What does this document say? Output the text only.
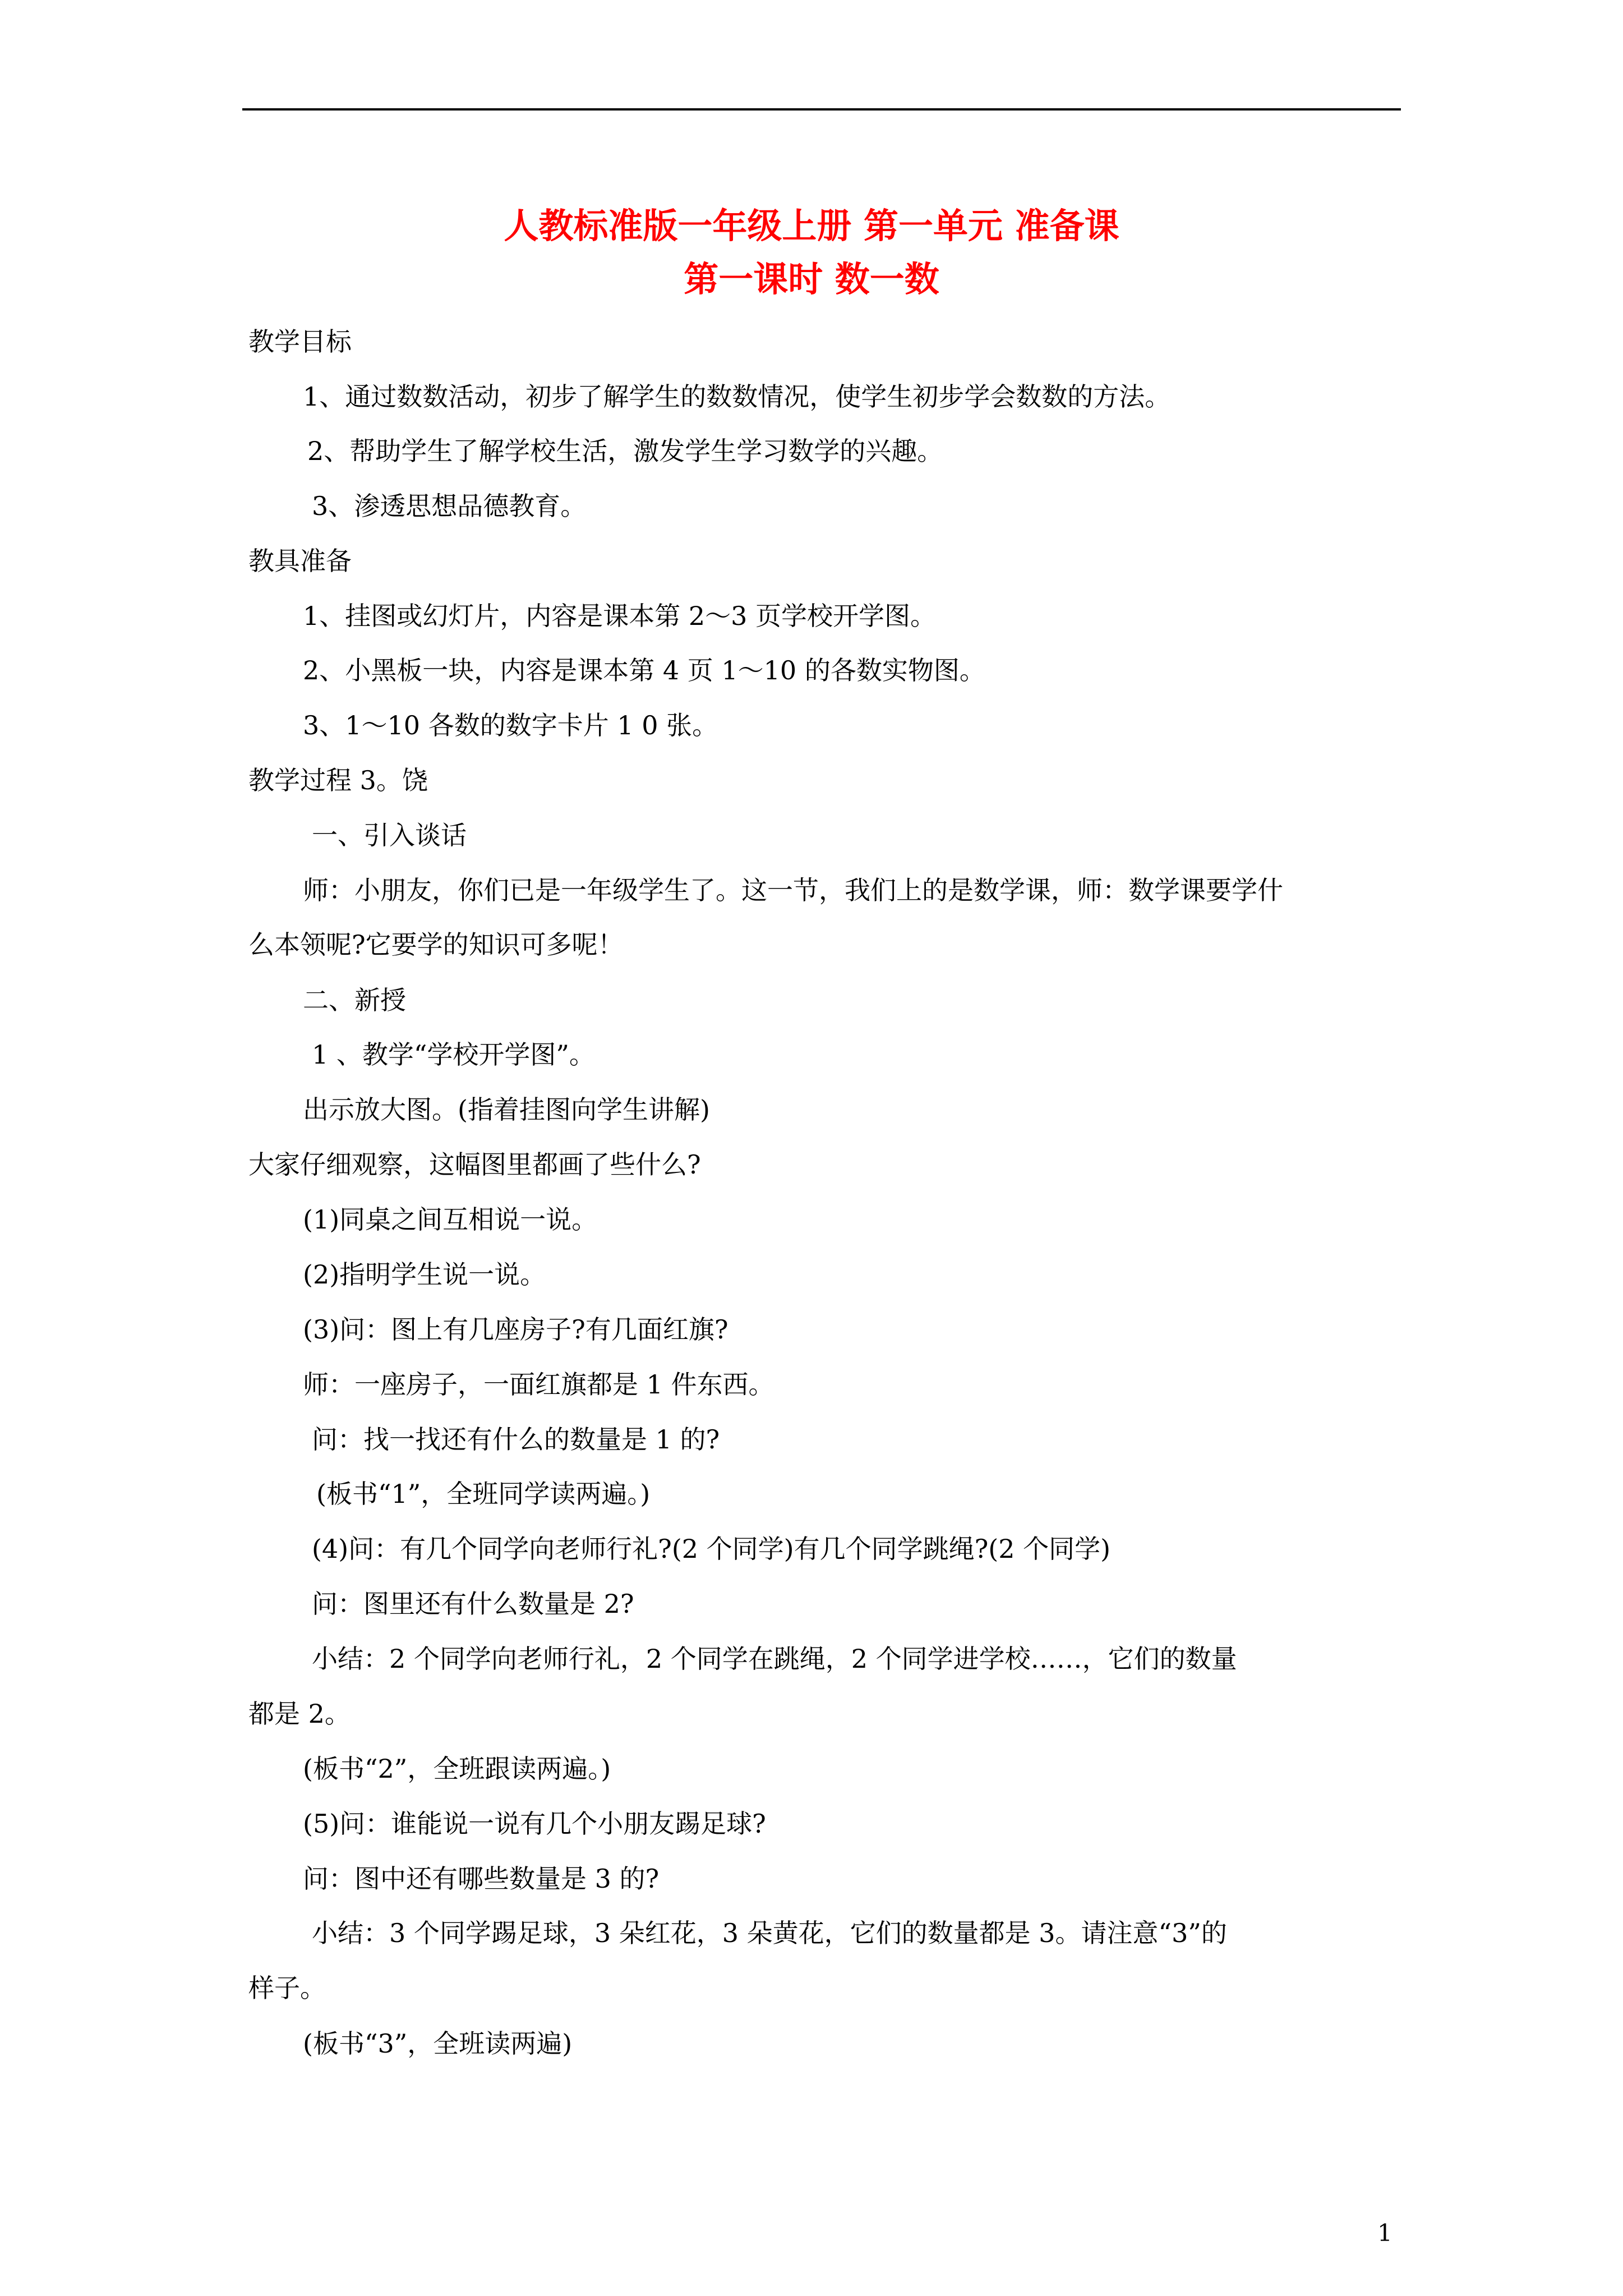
人教标准版一年级上册 第一单元 准备课
第一课时 数一数
教学目标
1、通过数数活动，初步了解学生的数数情况，使学生初步学会数数的方法。
2、帮助学生了解学校生活，激发学生学习数学的兴趣。
3、渗透思想品德教育。
教具准备
1、挂图或幻灯片，内容是课本第 2～3 页学校开学图。
2、小黑板一块，内容是课本第 4 页 1～10 的各数实物图。
3、1～10 各数的数字卡片 1 0 张。
教学过程 3。饶
一、引入谈话
师：小朋友，你们已是一年级学生了。这一节，我们上的是数学课，师：数学课要学什
么本领呢?它要学的知识可多呢！
二、新授
1 、教学“学校开学图”。
出示放大图。(指着挂图向学生讲解)
大家仔细观察，这幅图里都画了些什么?
(1)同桌之间互相说一说。
(2)指明学生说一说。
(3)问：图上有几座房子?有几面红旗?
师：一座房子，一面红旗都是 1 件东西。
问：找一找还有什么的数量是 1 的?
(板书“1”，全班同学读两遍。)
(4)问：有几个同学向老师行礼?(2 个同学)有几个同学跳绳?(2 个同学)
问：图里还有什么数量是 2?
小结：2 个同学向老师行礼，2 个同学在跳绳，2 个同学进学校……，它们的数量
都是 2。
(板书“2”，全班跟读两遍。)
(5)问：谁能说一说有几个小朋友踢足球?
问：图中还有哪些数量是 3 的?
小结：3 个同学踢足球，3 朵红花，3 朵黄花，它们的数量都是 3。请注意“3”的
样子。
(板书“3”，全班读两遍)
1
